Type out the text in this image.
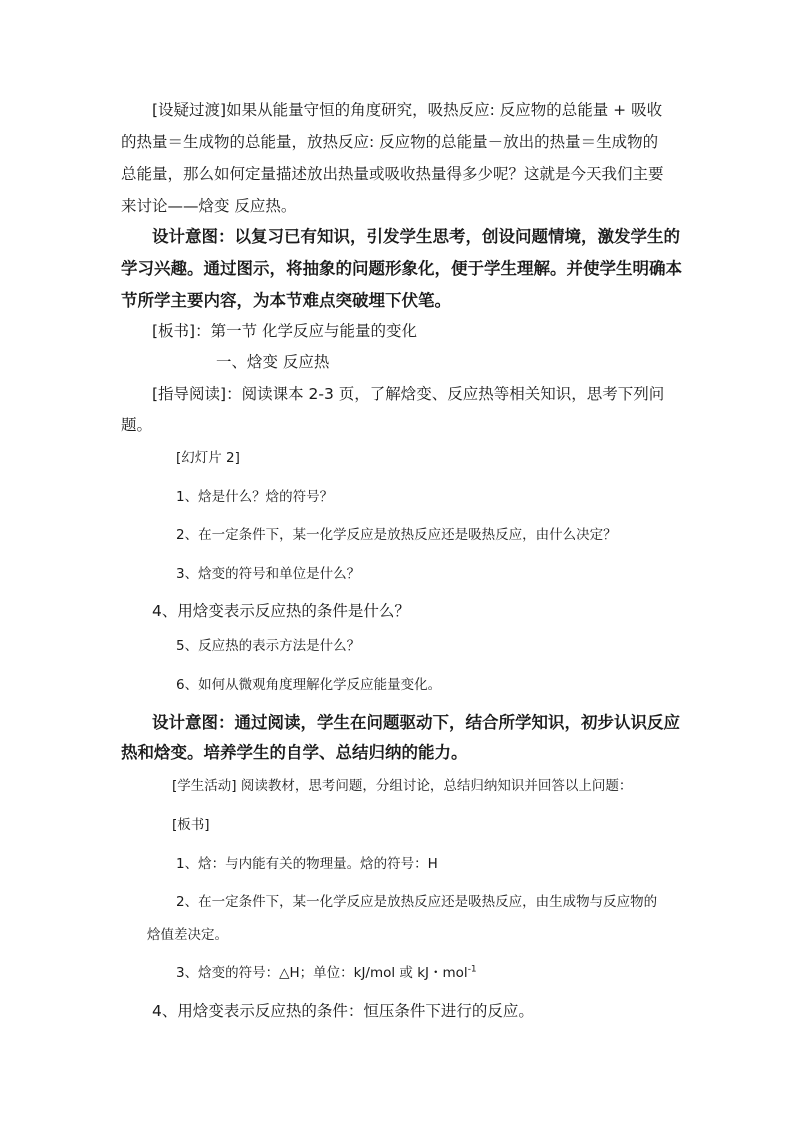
[设疑过渡]如果从能量守恒的角度研究，吸热反应: 反应物的总能量 + 吸收
的热量＝生成物的总能量，放热反应: 反应物的总能量－放出的热量＝生成物的
总能量，那么如何定量描述放出热量或吸收热量得多少呢？这就是今天我们主要
来讨论——焓变 反应热。
设计意图：以复习已有知识，引发学生思考，创设问题情境，激发学生的
学习兴趣。通过图示，将抽象的问题形象化，便于学生理解。并使学生明确本
节所学主要内容，为本节难点突破埋下伏笔。
[板书]：第一节 化学反应与能量的变化
一、焓变 反应热
[指导阅读]：阅读课本 2-3 页，了解焓变、反应热等相关知识，思考下列问
题。
[幻灯片 2]
1、焓是什么？焓的符号？
2、在一定条件下，某一化学反应是放热反应还是吸热反应，由什么决定？
3、焓变的符号和单位是什么？
4、用焓变表示反应热的条件是什么？
5、反应热的表示方法是什么？
6、如何从微观角度理解化学反应能量变化。
设计意图：通过阅读，学生在问题驱动下，结合所学知识，初步认识反应
热和焓变。培养学生的自学、总结归纳的能力。
[学生活动] 阅读教材，思考问题，分组讨论，总结归纳知识并回答以上问题：
[板书]
1、焓：与内能有关的物理量。焓的符号：H
2、在一定条件下，某一化学反应是放热反应还是吸热反应，由生成物与反应物的
焓值差决定。
3、焓变的符号：△H；单位：kJ/mol 或 kJ・mol$^{-1}$
4、用焓变表示反应热的条件：恒压条件下进行的反应。
